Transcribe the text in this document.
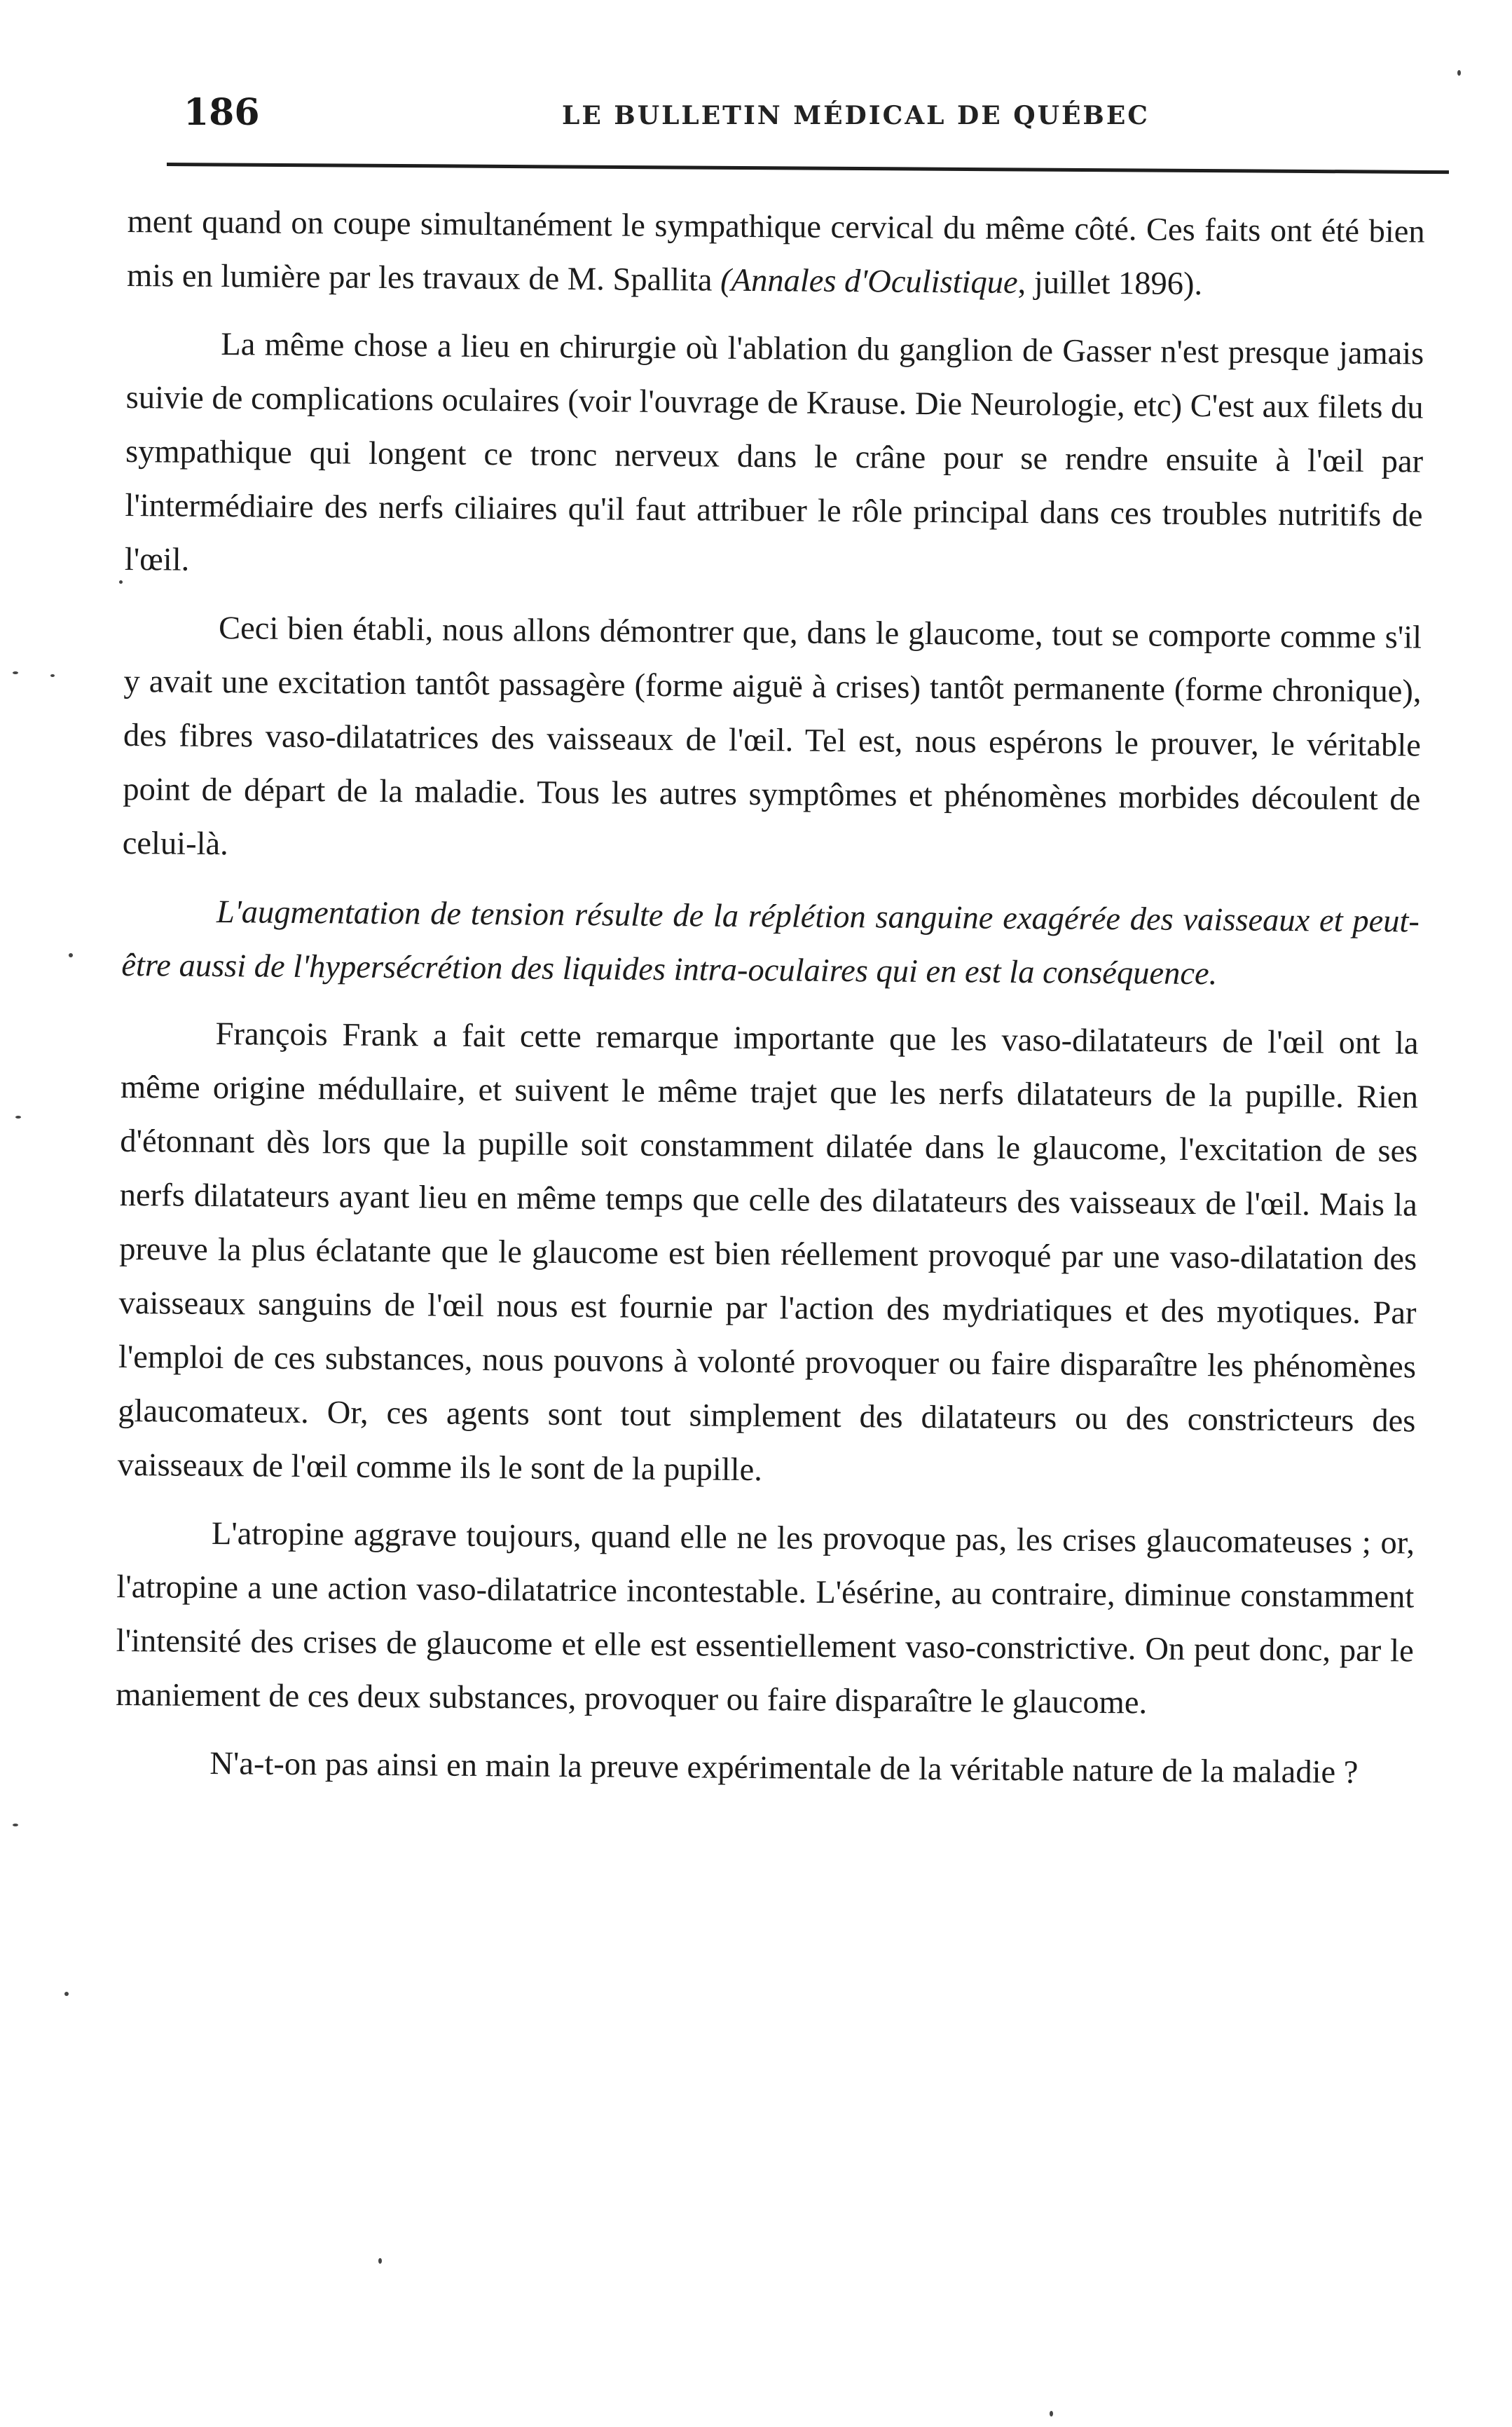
186	LE BULLETIN MÉDICAL DE QUÉBEC

ment quand on coupe simultanément le sympathique cervical du même côté. Ces faits ont été bien mis en lumière par les travaux de M. Spallita (Annales d'Oculistique, juillet 1896).

La même chose a lieu en chirurgie où l'ablation du ganglion de Gasser n'est presque jamais suivie de complications oculaires (voir l'ouvrage de Krause. Die Neurologie, etc) C'est aux filets du sympathique qui longent ce tronc nerveux dans le crâne pour se rendre ensuite à l'œil par l'intermédiaire des nerfs ciliaires qu'il faut attribuer le rôle principal dans ces troubles nutritifs de l'œil.

Ceci bien établi, nous allons démontrer que, dans le glaucome, tout se comporte comme s'il y avait une excitation tantôt passagère (forme aiguë à crises) tantôt permanente (forme chronique), des fibres vaso-dilatatrices des vaisseaux de l'œil. Tel est, nous espérons le prouver, le véritable point de départ de la maladie. Tous les autres symptômes et phénomènes morbides découlent de celui-là.

L'augmentation de tension résulte de la réplétion sanguine exagérée des vaisseaux et peut-être aussi de l'hypersécrétion des liquides intra-oculaires qui en est la conséquence.

François Frank a fait cette remarque importante que les vaso-dilatateurs de l'œil ont la même origine médullaire, et suivent le même trajet que les nerfs dilatateurs de la pupille. Rien d'étonnant dès lors que la pupille soit constamment dilatée dans le glaucome, l'excitation de ses nerfs dilatateurs ayant lieu en même temps que celle des dilatateurs des vaisseaux de l'œil. Mais la preuve la plus éclatante que le glaucome est bien réellement provoqué par une vaso-dilatation des vaisseaux sanguins de l'œil nous est fournie par l'action des mydriatiques et des myotiques. Par l'emploi de ces substances, nous pouvons à volonté provoquer ou faire disparaître les phénomènes glaucomateux. Or, ces agents sont tout simplement des dilatateurs ou des constricteurs des vaisseaux de l'œil comme ils le sont de la pupille.

L'atropine aggrave toujours, quand elle ne les provoque pas, les crises glaucomateuses ; or, l'atropine a une action vaso-dilatatrice incontestable. L'ésérine, au contraire, diminue constamment l'intensité des crises de glaucome et elle est essentiellement vaso-constrictive. On peut donc, par le maniement de ces deux substances, provoquer ou faire disparaître le glaucome.

N'a-t-on pas ainsi en main la preuve expérimentale de la véritable nature de la maladie ?
